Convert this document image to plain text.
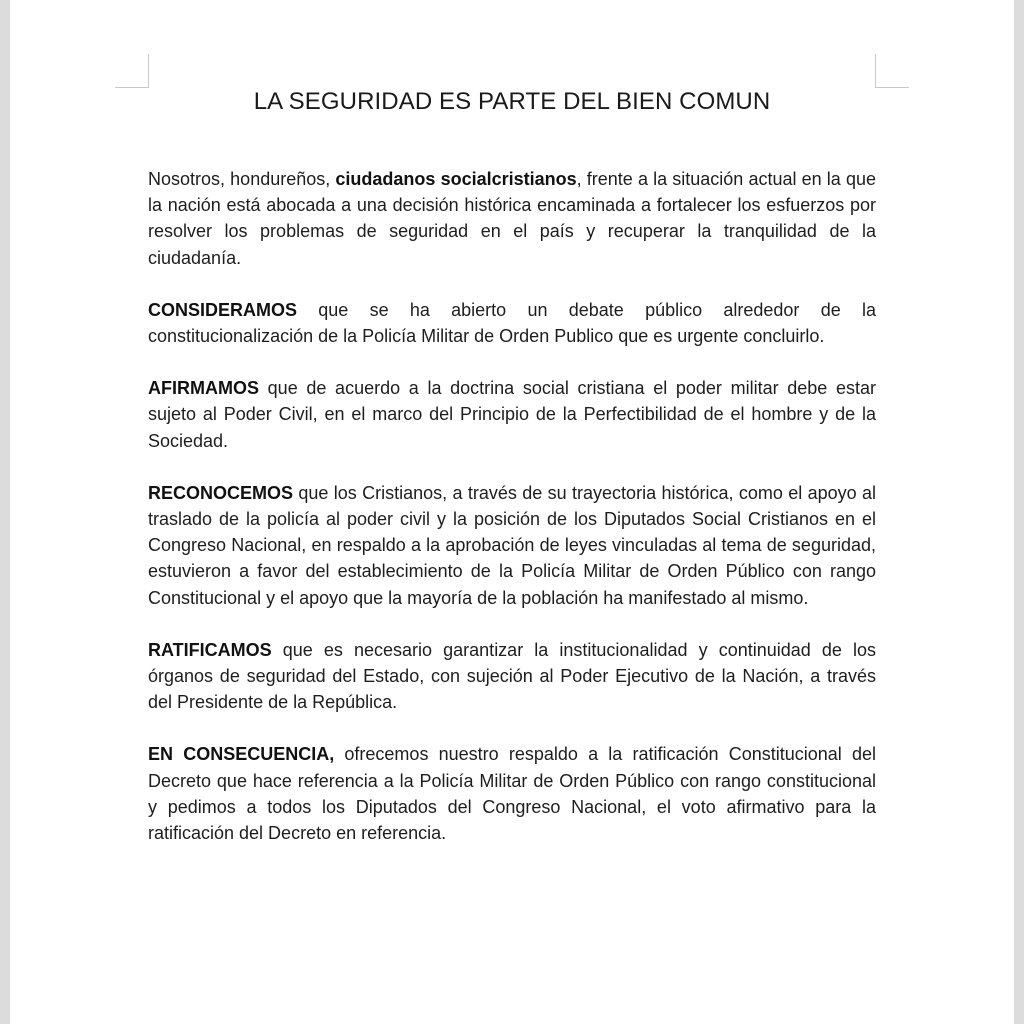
LA SEGURIDAD ES PARTE DEL BIEN COMUN

Nosotros, hondureños, ciudadanos socialcristianos, frente a la situación actual en la que la nación está abocada a una decisión histórica encaminada a fortalecer los esfuerzos por resolver los problemas de seguridad en el país y recuperar la tranquilidad de la ciudadanía.

CONSIDERAMOS que se ha abierto un debate público alrededor de la constitucionalización de la Policía Militar de Orden Publico que es urgente concluirlo.

AFIRMAMOS que de acuerdo a la doctrina social cristiana el poder militar debe estar sujeto al Poder Civil, en el marco del Principio de la Perfectibilidad de el hombre y de la Sociedad.

RECONOCEMOS que los Cristianos, a través de su trayectoria histórica, como el apoyo al traslado de la policía al poder civil y la posición de los Diputados Social Cristianos en el Congreso Nacional, en respaldo a la aprobación de leyes vinculadas al tema de seguridad, estuvieron a favor del establecimiento de la Policía Militar de Orden Público con rango Constitucional y el apoyo que la mayoría de la población ha manifestado al mismo.

RATIFICAMOS que es necesario garantizar la institucionalidad y continuidad de los órganos de seguridad del Estado, con sujeción al Poder Ejecutivo de la Nación, a través del Presidente de la República.

EN CONSECUENCIA, ofrecemos nuestro respaldo a la ratificación Constitucional del Decreto que hace referencia a la Policía Militar de Orden Público con rango constitucional y pedimos a todos los Diputados del Congreso Nacional, el voto afirmativo para la ratificación del Decreto en referencia.
